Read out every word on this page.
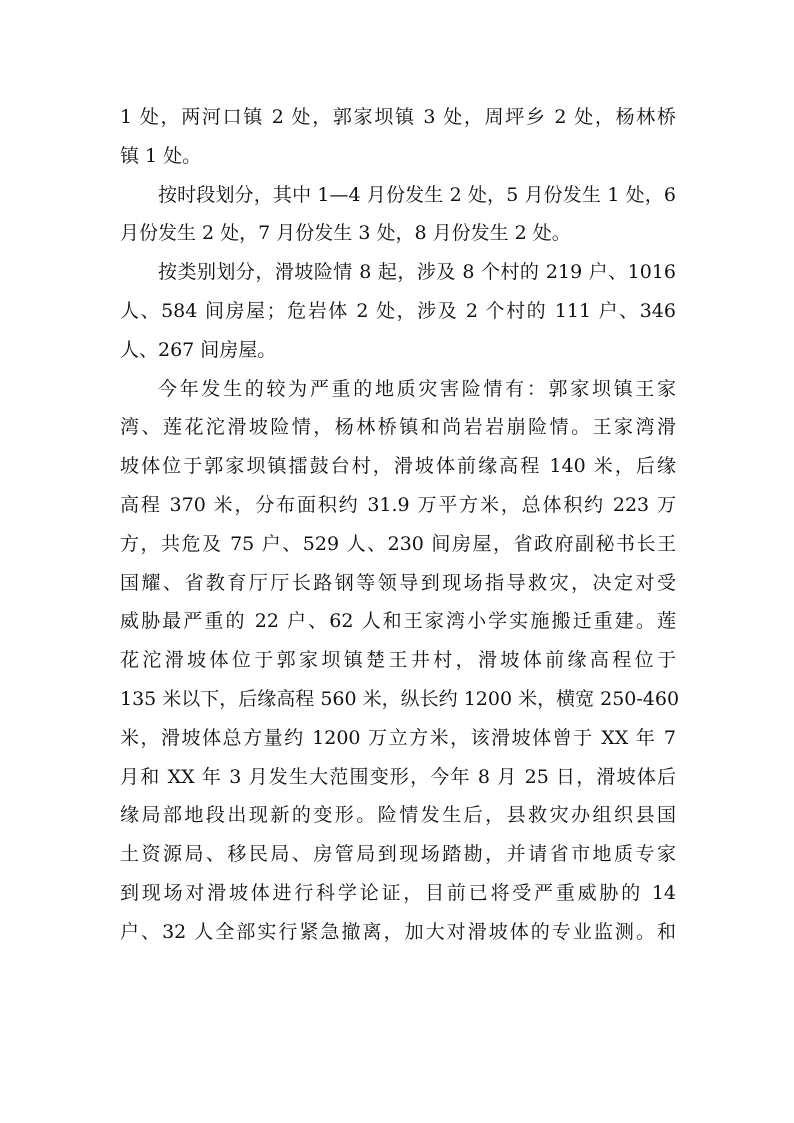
1 处，两河口镇 2 处，郭家坝镇 3 处，周坪乡 2 处，杨林桥
镇 1 处。
按时段划分，其中 1—4 月份发生 2 处，5 月份发生 1 处，6
月份发生 2 处，7 月份发生 3 处，8 月份发生 2 处。
按类别划分，滑坡险情 8 起，涉及 8 个村的 219 户、1016
人、584 间房屋；危岩体 2 处，涉及 2 个村的 111 户、346
人、267 间房屋。
今年发生的较为严重的地质灾害险情有：郭家坝镇王家
湾、莲花沱滑坡险情，杨林桥镇和尚岩岩崩险情。王家湾滑
坡体位于郭家坝镇擂鼓台村，滑坡体前缘高程 140 米，后缘
高程 370 米，分布面积约 31.9 万平方米，总体积约 223 万
方，共危及 75 户、529 人、230 间房屋，省政府副秘书长王
国耀、省教育厅厅长路钢等领导到现场指导救灾，决定对受
威胁最严重的 22 户、62 人和王家湾小学实施搬迁重建。莲
花沱滑坡体位于郭家坝镇楚王井村，滑坡体前缘高程位于
135 米以下，后缘高程 560 米，纵长约 1200 米，横宽 250-460
米，滑坡体总方量约 1200 万立方米，该滑坡体曾于 XX 年 7
月和 XX 年 3 月发生大范围变形，今年 8 月 25 日，滑坡体后
缘局部地段出现新的变形。险情发生后，县救灾办组织县国
土资源局、移民局、房管局到现场踏勘，并请省市地质专家
到现场对滑坡体进行科学论证，目前已将受严重威胁的 14
户、32 人全部实行紧急撤离，加大对滑坡体的专业监测。和
